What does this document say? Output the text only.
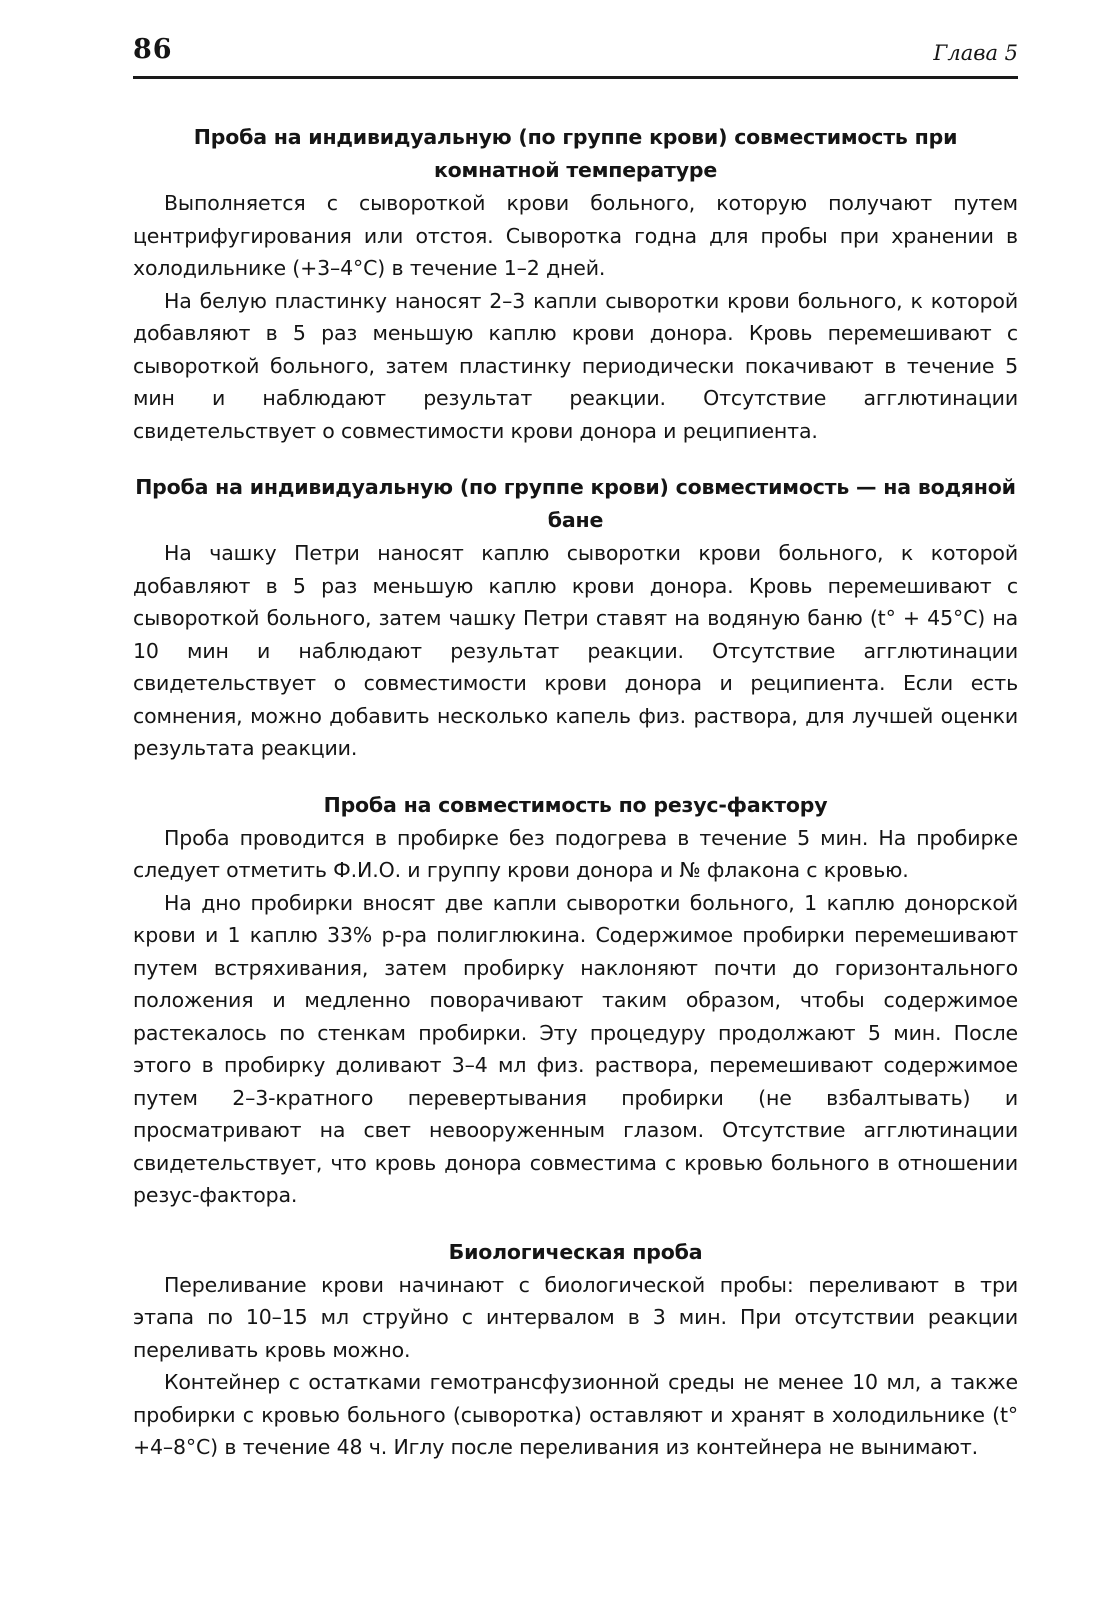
86	Глава 5
Проба на индивидуальную (по группе крови) совместимость при комнатной температуре

Выполняется с сывороткой крови больного, которую получают путем центрифугирования или отстоя. Сыворотка годна для пробы при хранении в холодильнике (+3–4°С) в течение 1–2 дней.

На белую пластинку наносят 2–3 капли сыворотки крови больного, к которой добавляют в 5 раз меньшую каплю крови донора. Кровь перемешивают с сывороткой больного, затем пластинку периодически покачивают в течение 5 мин и наблюдают результат реакции. Отсутствие агглютинации свидетельствует о совместимости крови донора и реципиента.

Проба на индивидуальную (по группе крови) совместимость — на водяной бане

На чашку Петри наносят каплю сыворотки крови больного, к которой добавляют в 5 раз меньшую каплю крови донора. Кровь перемешивают с сывороткой больного, затем чашку Петри ставят на водяную баню (t° + 45°С) на 10 мин и наблюдают результат реакции. Отсутствие агглютинации свидетельствует о совместимости крови донора и реципиента. Если есть сомнения, можно добавить несколько капель физ. раствора, для лучшей оценки результата реакции.

Проба на совместимость по резус-фактору

Проба проводится в пробирке без подогрева в течение 5 мин. На пробирке следует отметить Ф.И.О. и группу крови донора и № флакона с кровью.

На дно пробирки вносят две капли сыворотки больного, 1 каплю донорской крови и 1 каплю 33% р-ра полиглюкина. Содержимое пробирки перемешивают путем встряхивания, затем пробирку наклоняют почти до горизонтального положения и медленно поворачивают таким образом, чтобы содержимое растекалось по стенкам пробирки. Эту процедуру продолжают 5 мин. После этого в пробирку доливают 3–4 мл физ. раствора, перемешивают содержимое путем 2–3-кратного перевертывания пробирки (не взбалтывать) и просматривают на свет невооруженным глазом. Отсутствие агглютинации свидетельствует, что кровь донора совместима с кровью больного в отношении резус-фактора.

Биологическая проба

Переливание крови начинают с биологической пробы: переливают в три этапа по 10–15 мл струйно с интервалом в 3 мин. При отсутствии реакции переливать кровь можно.

Контейнер с остатками гемотрансфузионной среды не менее 10 мл, а также пробирки с кровью больного (сыворотка) оставляют и хранят в холодильнике (t° +4–8°С) в течение 48 ч. Иглу после переливания из контейнера не вынимают.
